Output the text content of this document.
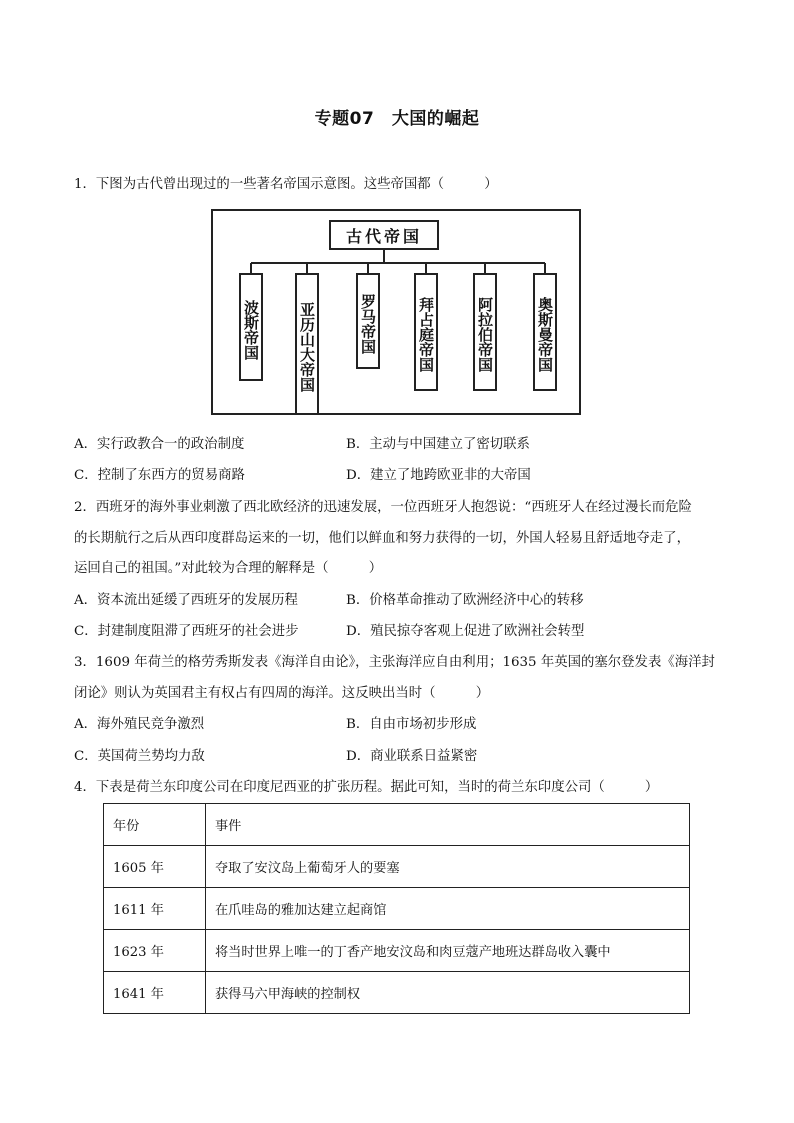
专题07　大国的崛起
1．下图为古代曾出现过的一些著名帝国示意图。这些帝国都（　　　）
古代帝国
波斯帝国	亚历山大帝国	罗马帝国	拜占庭帝国	阿拉伯帝国	奥斯曼帝国
A．实行政教合一的政治制度	B．主动与中国建立了密切联系
C．控制了东西方的贸易商路	D．建立了地跨欧亚非的大帝国
2．西班牙的海外事业刺激了西北欧经济的迅速发展，一位西班牙人抱怨说：“西班牙人在经过漫长而危险
的长期航行之后从西印度群岛运来的一切，他们以鲜血和努力获得的一切，外国人轻易且舒适地夺走了，
运回自己的祖国。”对此较为合理的解释是（　　　）
A．资本流出延缓了西班牙的发展历程	B．价格革命推动了欧洲经济中心的转移
C．封建制度阻滞了西班牙的社会进步	D．殖民掠夺客观上促进了欧洲社会转型
3．1609 年荷兰的格劳秀斯发表《海洋自由论》，主张海洋应自由利用；1635 年英国的塞尔登发表《海洋封
闭论》则认为英国君主有权占有四周的海洋。这反映出当时（　　　）
A．海外殖民竞争激烈	B．自由市场初步形成
C．英国荷兰势均力敌	D．商业联系日益紧密
4．下表是荷兰东印度公司在印度尼西亚的扩张历程。据此可知，当时的荷兰东印度公司（　　　）
年份	事件
1605 年	夺取了安汶岛上葡萄牙人的要塞
1611 年	在爪哇岛的雅加达建立起商馆
1623 年	将当时世界上唯一的丁香产地安汶岛和肉豆蔻产地班达群岛收入囊中
1641 年	获得马六甲海峡的控制权
